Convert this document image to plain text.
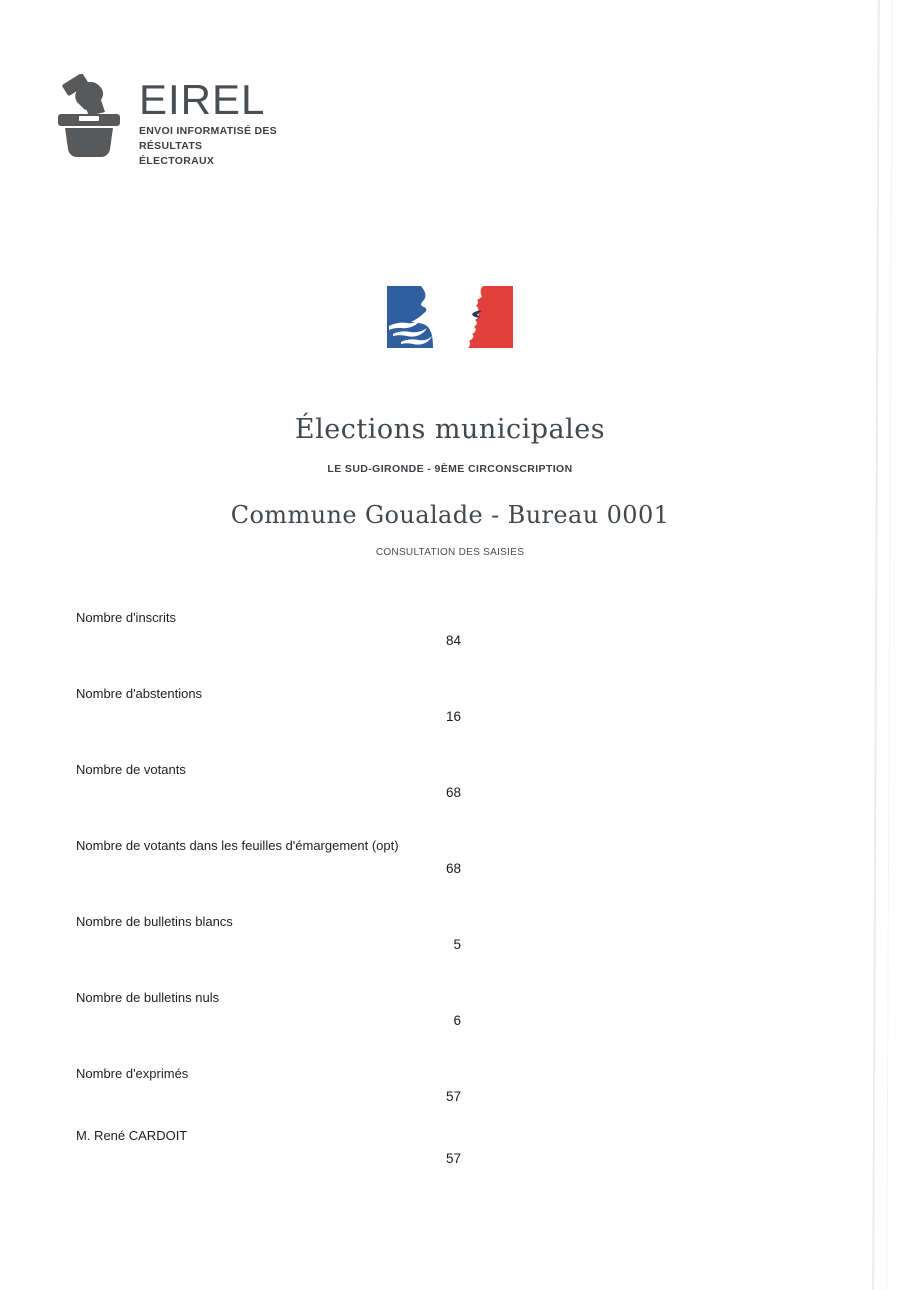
EIREL
ENVOI INFORMATISÉ DES RÉSULTATS
ÉLECTORAUX
Élections municipales
LE SUD-GIRONDE - 9ÈME CIRCONSCRIPTION
Commune Goualade - Bureau 0001
CONSULTATION DES SAISIES
Nombre d'inscrits
84
Nombre d'abstentions
16
Nombre de votants
68
Nombre de votants dans les feuilles d'émargement (opt)
68
Nombre de bulletins blancs
5
Nombre de bulletins nuls
6
Nombre d'exprimés
57
M. René CARDOIT
57
